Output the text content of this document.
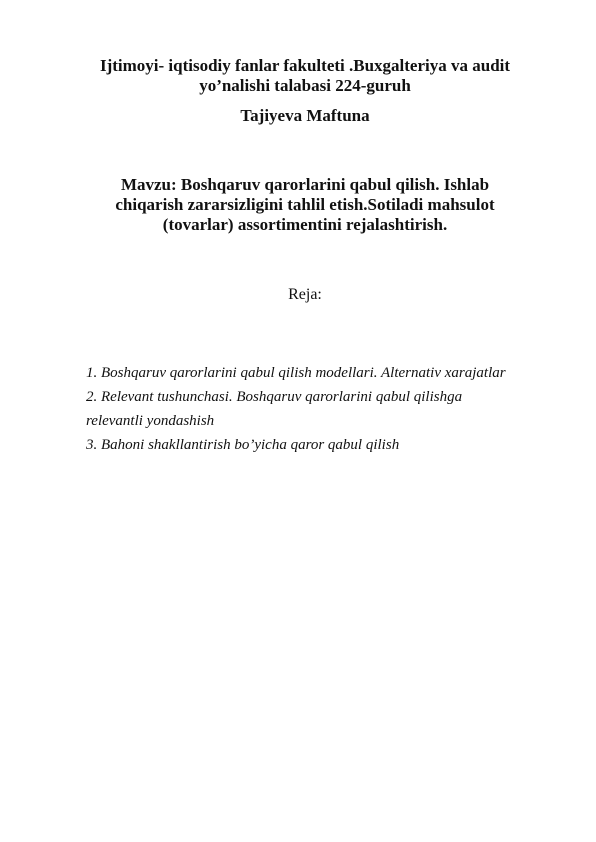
Ijtimoyi- iqtisodiy fanlar fakulteti .Buxgalteriya va audit
yo’nalishi talabasi 224-guruh
Tajiyeva Maftuna
Mavzu: Boshqaruv qarorlarini qabul qilish. Ishlab
chiqarish zararsizligini tahlil etish.Sotiladi mahsulot
(tovarlar) assortimentini rejalashtirish.
Reja:
1. Boshqaruv qarorlarini qabul qilish modellari. Alternativ xarajatlar
2. Relevant tushunchasi. Boshqaruv qarorlarini qabul qilishga
relevantli yondashish
3. Bahoni shakllantirish bo’yicha qaror qabul qilish
